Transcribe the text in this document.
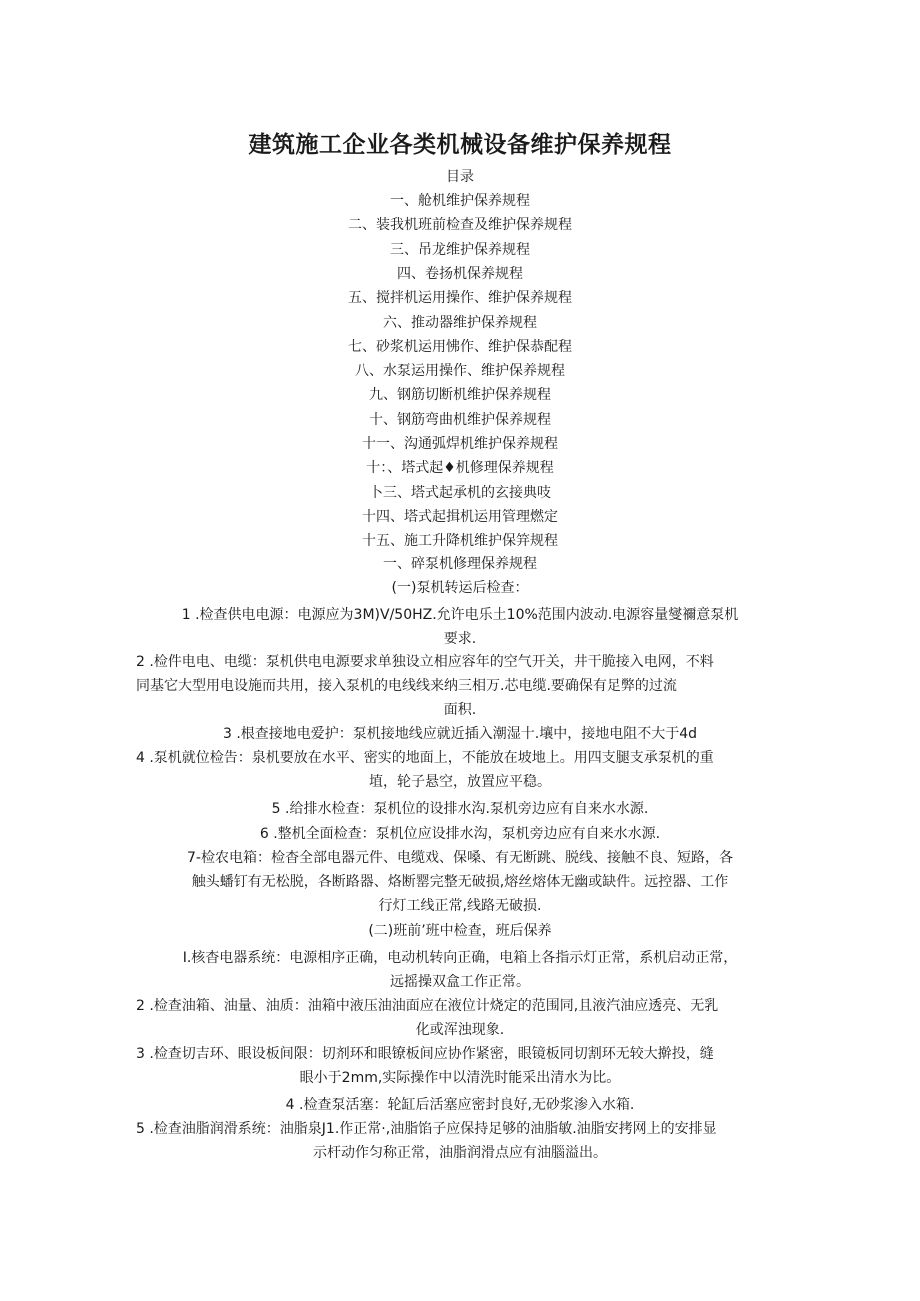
建筑施工企业各类机械设备维护保养规程
目录
一、舱机维护保养规程
二、装我机班前检查及维护保养规程
三、吊龙维护保养规程
四、卷扬机保养规程
五、搅拌机运用操作、维护保养规程
六、推动器维护保养规程
七、砂浆机运用怫作、维护保恭配程
八、水泵运用操作、维护保养规程
九、钢筋切断机维护保养规程
十、钢筋弯曲机维护保养规程
十一、沟通弧焊机维护保养规程
十：、塔式起♦机修理保养规程
卜三、塔式起承机的玄接典吱
十四、塔式起揖机运用管理燃定
十五、施工升降机维护保笄规程
一、碎泵机修理保养规程
(一)泵机转运后检查：
1 .检查供电电源：电源应为3M)V/50HZ.允许电乐土10%范围内波动.电源容量燮禰意泵机
要求.
2 .检件电电、电缆：泵机供电电源要求单独设立相应容年的空气开关，井干脆接入电网，不料
同基它大型用电设施而共用，接入泵机的电线线来纳三相万.芯电缆.要确保有足弊的过流
面积.
3 .根查接地电爱护：泵机接地线应就近插入潮湿十.壤中，接地电阻不大于4d
4 .泵机就位检告：泉机要放在水平、密实的地面上，不能放在坡地上。用四支腿支承泵机的重
埴，轮子悬空，放置应平稳。
5 .给排水检查：泵机位的设排水沟.泵机旁边应有自来水水源.
6 .整机全面检查：泵机位应设排水沟，泵机旁边应有自来水水源.
7-检农电箱：检杳全部电器元件、电缆戏、保嗓、有无断跳、脱线、接触不良、短路，各
触头蟠钉有无松脱，各断路器、烙断罂完整无破损,熔丝熔体无幽或缺件。远控器、工作
行灯工线正常,线路无破损.
(二)班前’班中检查，班后保养
I.核杳电器系统：电源相序正确，电动机转向正确，电箱上各指示灯正常，系机启动正常，
远摇操双盒工作正常。
2 .检查油箱、油量、油质：油箱中液压油油面应在液位计烧定的范围同,且液汽油应透亮、无乳
化或浑浊现象.
3 .检查切吉环、眼设板间限：切剂环和眼镣板间应协作紧密，眼镜板同切割环无较大擀投，缝
眼小于2mm,实际操作中以清洗时能采出清水为比。
4 .检查泵活塞：轮缸后活塞应密封良好,无砂浆渗入水箱.
5 .检查油脂润滑系统：油脂泉J1.作正常·,油脂馅子应保持足够的油脂敏.油脂安拷网上的安排显
示杆动作匀称正常，油脂润滑点应有油腦溢出。
